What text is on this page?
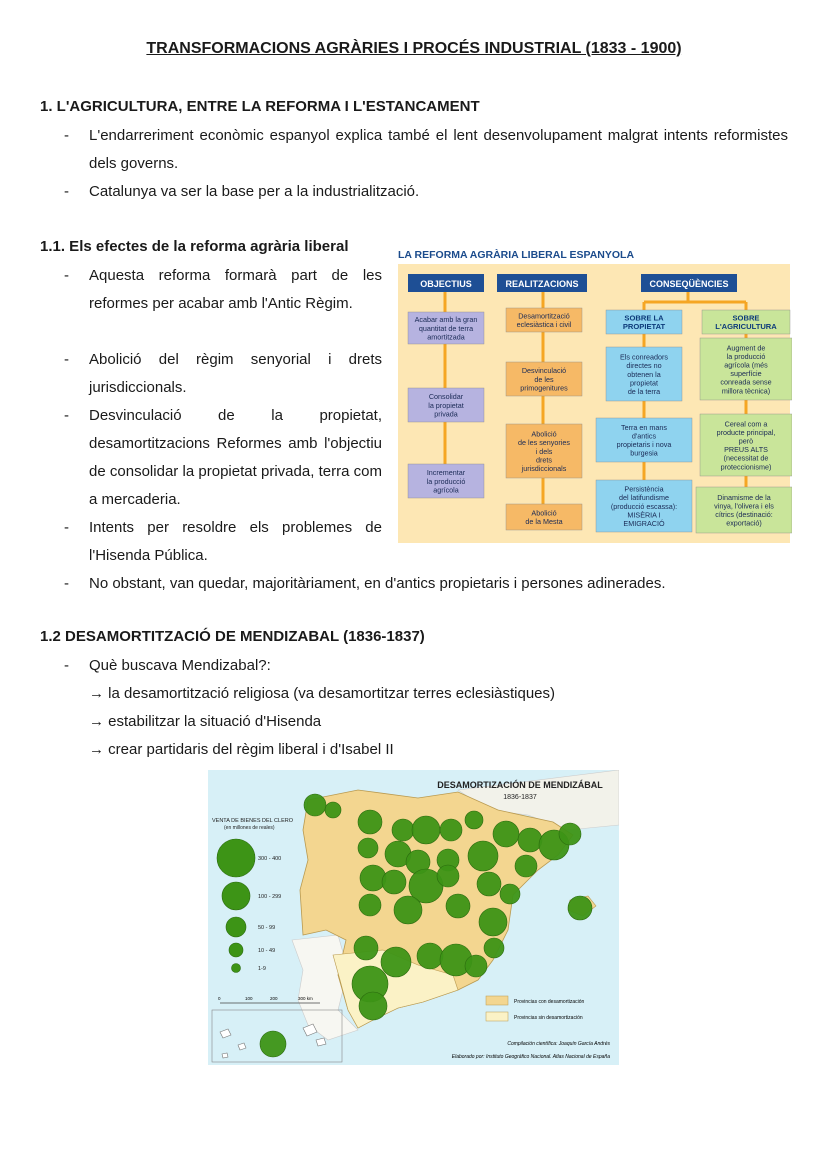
TRANSFORMACIONS AGRÀRIES I PROCÉS INDUSTRIAL (1833 - 1900)
1. L'AGRICULTURA, ENTRE LA REFORMA I L'ESTANCAMENT
- L'endarreriment econòmic espanyol explica també el lent desenvolupament malgrat intents reformistes dels governs.
- Catalunya va ser la base per a la industrialització.
1.1. Els efectes de la reforma agrària liberal
- Aquesta reforma formarà part de les reformes per acabar amb l'Antic Règim.
- Abolició del règim senyorial i drets jurisdiccionals.
- Desvinculació de la propietat, desamortitzacions Reformes amb l'objectiu de consolidar la propietat privada, terra com a mercaderia.
- Intents per resoldre els problemes de l'Hisenda Pública.
- No obstant, van quedar, majoritàriament, en d'antics propietaris i persones adinerades.
LA REFORMA AGRÀRIA LIBERAL ESPANYOLA
OBJECTIUS	REALITZACIONS	CONSEQÜÈNCIES
SOBRE LA
PROPIETAT
SOBRE
L'AGRICULTURA
Acabar amb la gran
quantitat de terra
amortitzada
Consolidar
la propietat
privada
Incrementar
la producció
agrícola
Desamortització
eclesiàstica i civil
Desvinculació
de les
primogenitures
Abolició
de les senyories
i dels
drets
jurisdiccionals
Abolició
de la Mesta
Els conreadors
directes no
obtenen la
propietat
de la terra
Terra en mans
d'antics
propietaris i nova
burgesia
Persistència
del latifundisme
(producció escassa):
MISÈRIA I
EMIGRACIÓ
Augment de
la producció
agrícola (més
superfície
conreada sense
millora tècnica)
Cereal com a
producte principal,
però
PREUS ALTS
(necessitat de
proteccionisme)
Dinamisme de la
vinya, l'olivera i els
cítrics (destinació:
exportació)
1.2 DESAMORTITZACIÓ DE MENDIZABAL (1836-1837)
- Què buscava Mendizabal?:
→ la desamortització religiosa (va desamortitzar terres eclesiàstiques)
→ estabilitzar la situació d'Hisenda
→ crear partidaris del règim liberal i d'Isabel II
DESAMORTIZACIÓN DE MENDIZÁBAL
1836-1837
VENTA DE BIENES DEL CLERO
(en millones de reales)
300 - 400
100 - 299
50 - 99
10 - 49
1-9
0	100	200	300 km
Provincias con desamortización
Provincias sin desamortización
Compilación científica: Joaquín García Andrés
Elaborado por: Instituto Geográfico Nacional. Atlas Nacional de España
